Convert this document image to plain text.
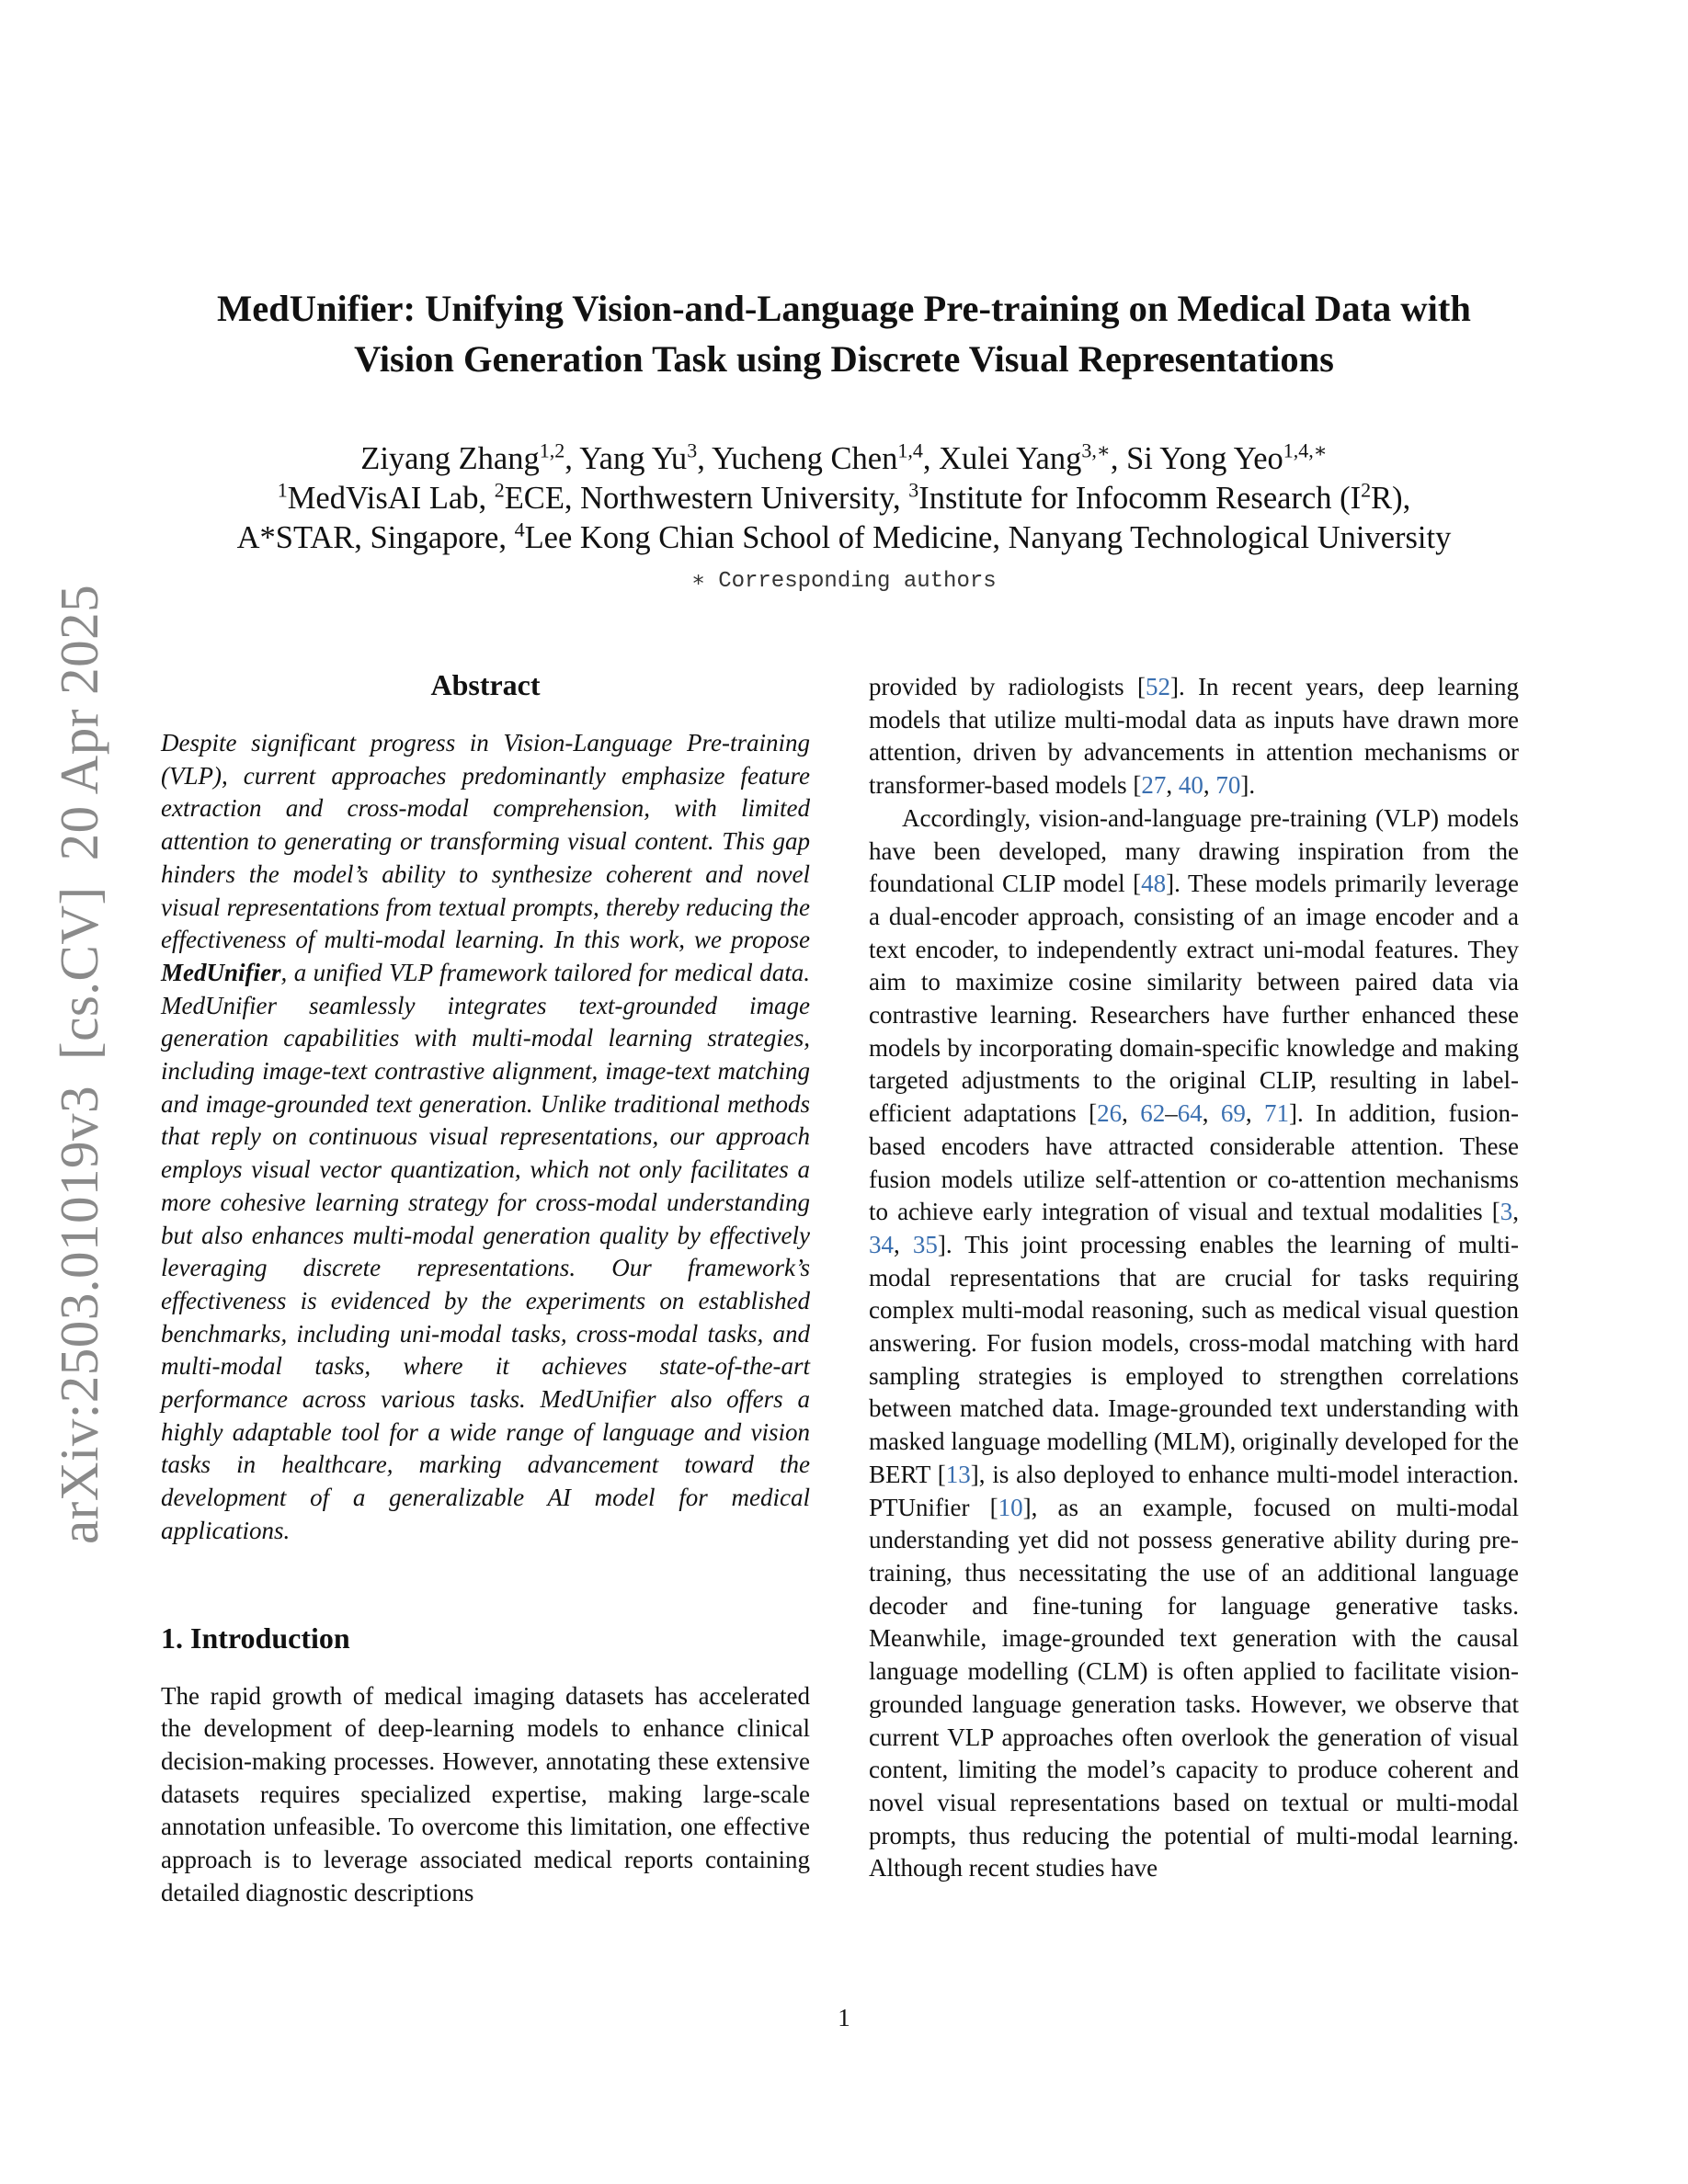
arXiv:2503.01019v3[cs.CV]20 Apr 2025
MedUnifier: Unifying Vision-and-Language Pre-training on Medical Data with
Vision Generation Task using Discrete Visual Representations
Ziyang Zhang$^{1,2}$, Yang Yu$^3$, Yucheng Chen$^{1,4}$, Xulei Yang$^{3,∗}$, Si Yong Yeo$^{1,4,∗}$
$^1$MedVisAI Lab, $^2$ECE, Northwestern University, $^3$Institute for Infocomm Research $(I^2R)$,
A*STAR, Singapore, $^4$Lee Kong Chian School of Medicine, Nanyang Technological University
∗ Corresponding authors
Abstract

Despite significant progress in Vision-Language Pre-training (VLP), current approaches predominantly emphasize feature extraction and cross-modal comprehension, with limited attention to generating or transforming visual content. This gap hinders the model’s ability to synthesize coherent and novel visual representations from textual prompts, thereby reducing the effectiveness of multi-modal learning. In this work, we propose MedUnifier, a unified VLP framework tailored for medical data. MedUnifier seamlessly integrates text-grounded image generation capabilities with multi-modal learning strategies, including image-text contrastive alignment, image-text matching and image-grounded text generation. Unlike traditional methods that reply on continuous visual representations, our approach employs visual vector quantization, which not only facilitates a more cohesive learning strategy for cross-modal understanding but also enhances multi-modal generation quality by effectively leveraging discrete representations. Our framework’s effectiveness is evidenced by the experiments on established benchmarks, including uni-modal tasks, cross-modal tasks, and multi-modal tasks, where it achieves state-of-the-art performance across various tasks. MedUnifier also offers a highly adaptable tool for a wide range of language and vision tasks in healthcare, marking advancement toward the development of a generalizable AI model for medical applications.

1. Introduction

The rapid growth of medical imaging datasets has accelerated the development of deep-learning models to enhance clinical decision-making processes. However, annotating these extensive datasets requires specialized expertise, making large-scale annotation unfeasible. To overcome this limitation, one effective approach is to leverage associated medical reports containing detailed diagnostic descriptions

provided by radiologists [52]. In recent years, deep learning models that utilize multi-modal data as inputs have drawn more attention, driven by advancements in attention mechanisms or transformer-based models [27, 40, 70].

Accordingly, vision-and-language pre-training (VLP) models have been developed, many drawing inspiration from the foundational CLIP model [48]. These models primarily leverage a dual-encoder approach, consisting of an image encoder and a text encoder, to independently extract uni-modal features. They aim to maximize cosine similarity between paired data via contrastive learning. Researchers have further enhanced these models by incorporating domain-specific knowledge and making targeted adjustments to the original CLIP, resulting in label-efficient adaptations [26, 62–64, 69, 71]. In addition, fusion-based encoders have attracted considerable attention. These fusion models utilize self-attention or co-attention mechanisms to achieve early integration of visual and textual modalities [3, 34, 35]. This joint processing enables the learning of multi-modal representations that are crucial for tasks requiring complex multi-modal reasoning, such as medical visual question answering. For fusion models, cross-modal matching with hard sampling strategies is employed to strengthen correlations between matched data. Image-grounded text understanding with masked language modelling (MLM), originally developed for the BERT [13], is also deployed to enhance multi-model interaction. PTUnifier [10], as an example, focused on multi-modal understanding yet did not possess generative ability during pre-training, thus necessitating the use of an additional language decoder and fine-tuning for language generative tasks. Meanwhile, image-grounded text generation with the causal language modelling (CLM) is often applied to facilitate vision-grounded language generation tasks. However, we observe that current VLP approaches often overlook the generation of visual content, limiting the model’s capacity to produce coherent and novel visual representations based on textual or multi-modal prompts, thus reducing the potential of multi-modal learning. Although recent studies have

1
